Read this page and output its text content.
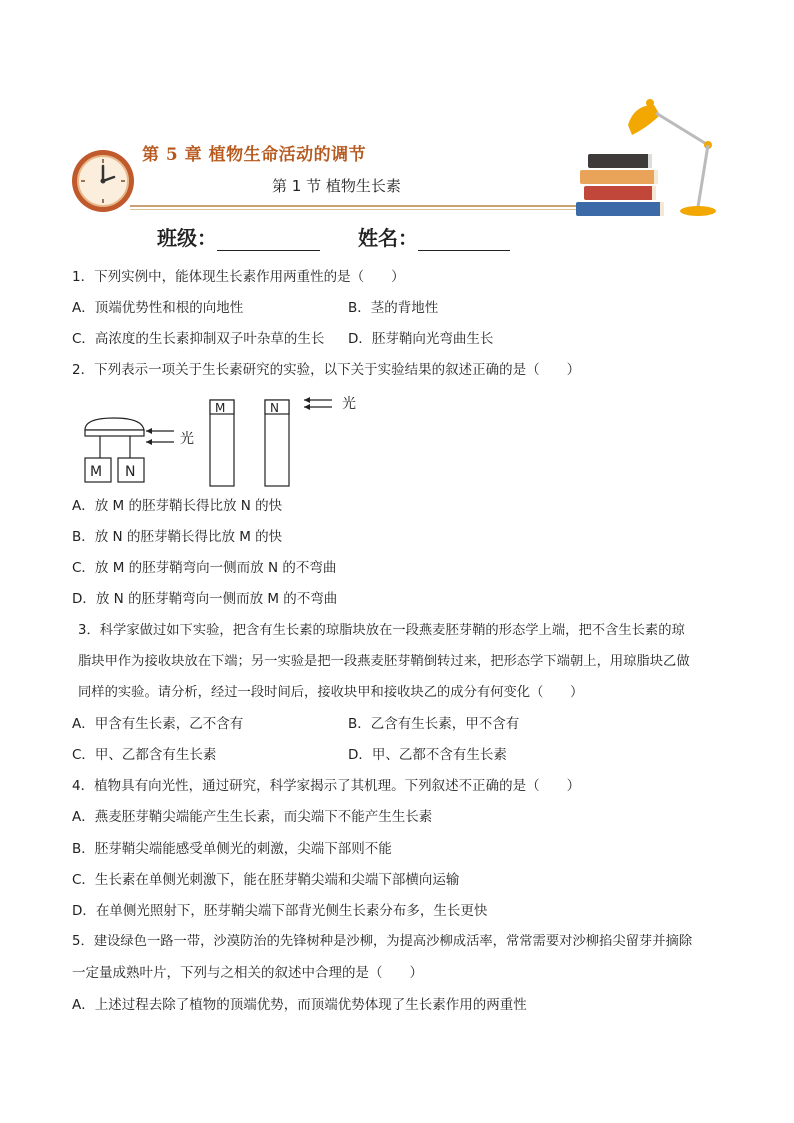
第 5 章 植物生命活动的调节
第 1 节 植物生长素
班级：	姓名：
1．下列实例中，能体现生长素作用两重性的是（　　）
A．顶端优势性和根的向地性	B．茎的背地性
C．高浓度的生长素抑制双子叶杂草的生长 D．胚芽鞘向光弯曲生长
2．下列表示一项关于生长素研究的实验，以下关于实验结果的叙述正确的是（　　）
M N
光
M	N	光
A．放 M 的胚芽鞘长得比放 N 的快
B．放 N 的胚芽鞘长得比放 M 的快
C．放 M 的胚芽鞘弯向一侧而放 N 的不弯曲
D．放 N 的胚芽鞘弯向一侧而放 M 的不弯曲
3．科学家做过如下实验，把含有生长素的琼脂块放在一段燕麦胚芽鞘的形态学上端，把不含生长素的琼
脂块甲作为接收块放在下端；另一实验是把一段燕麦胚芽鞘倒转过来，把形态学下端朝上，用琼脂块乙做
同样的实验。请分析，经过一段时间后，接收块甲和接收块乙的成分有何变化（　　）
A．甲含有生长素，乙不含有	B．乙含有生长素，甲不含有
C．甲、乙都含有生长素	D．甲、乙都不含有生长素
4．植物具有向光性，通过研究，科学家揭示了其机理。下列叙述不正确的是（　　）
A．燕麦胚芽鞘尖端能产生生长素，而尖端下不能产生生长素
B．胚芽鞘尖端能感受单侧光的刺激，尖端下部则不能
C．生长素在单侧光刺激下，能在胚芽鞘尖端和尖端下部横向运输
D．在单侧光照射下，胚芽鞘尖端下部背光侧生长素分布多，生长更快
5．建设绿色一路一带，沙漠防治的先锋树种是沙柳，为提高沙柳成活率，常常需要对沙柳掐尖留芽并摘除
一定量成熟叶片，下列与之相关的叙述中合理的是（　　）
A．上述过程去除了植物的顶端优势，而顶端优势体现了生长素作用的两重性
